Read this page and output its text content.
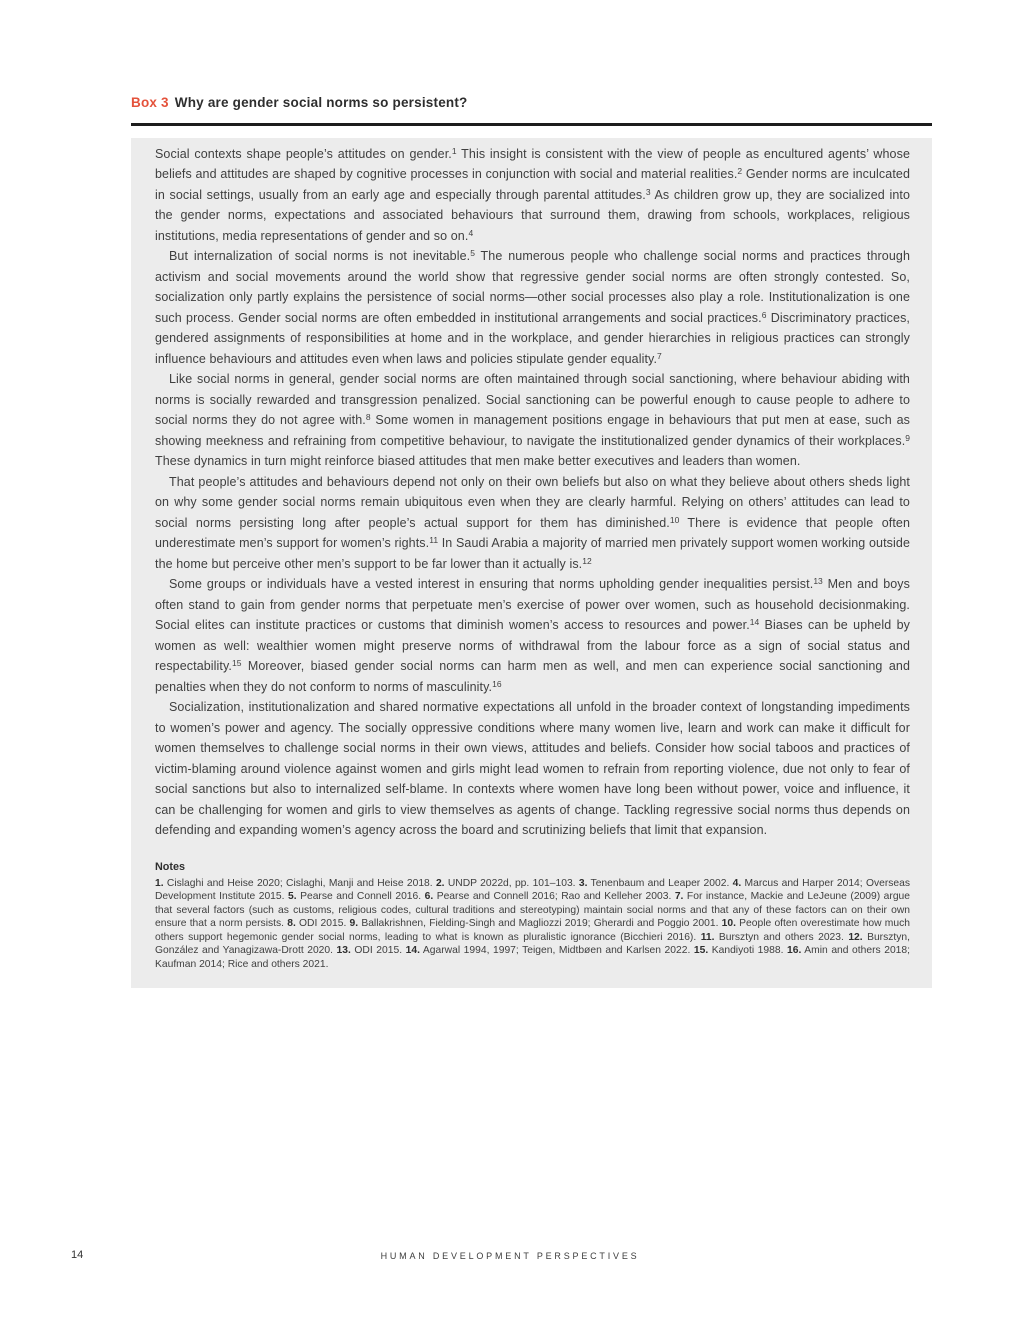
Box 3 Why are gender social norms so persistent?

Social contexts shape people’s attitudes on gender.$^1$ This insight is consistent with the view of people as encultured agents’ whose beliefs and attitudes are shaped by cognitive processes in conjunction with social and material realities.$^2$ Gender norms are inculcated in social settings, usually from an early age and especially through parental attitudes.$^3$ As children grow up, they are socialized into the gender norms, expectations and associated behaviours that surround them, drawing from schools, workplaces, religious institutions, media representations of gender and so on.$^4$

But internalization of social norms is not inevitable.$^5$ The numerous people who challenge social norms and practices through activism and social movements around the world show that regressive gender social norms are often strongly contested. So, socialization only partly explains the persistence of social norms—other social processes also play a role. Institutionalization is one such process. Gender social norms are often embedded in institutional arrangements and social practices.$^6$ Discriminatory practices, gendered assignments of responsibilities at home and in the workplace, and gender hierarchies in religious practices can strongly influence behaviours and attitudes even when laws and policies stipulate gender equality.$^7$

Like social norms in general, gender social norms are often maintained through social sanctioning, where behaviour abiding with norms is socially rewarded and transgression penalized. Social sanctioning can be powerful enough to cause people to adhere to social norms they do not agree with.$^8$ Some women in management positions engage in behaviours that put men at ease, such as showing meekness and refraining from competitive behaviour, to navigate the institutionalized gender dynamics of their workplaces.$^9$ These dynamics in turn might reinforce biased attitudes that men make better executives and leaders than women.

That people’s attitudes and behaviours depend not only on their own beliefs but also on what they believe about others sheds light on why some gender social norms remain ubiquitous even when they are clearly harmful. Relying on others’ attitudes can lead to social norms persisting long after people’s actual support for them has diminished.$^{10}$ There is evidence that people often underestimate men’s support for women’s rights.$^{11}$ In Saudi Arabia a majority of married men privately support women working outside the home but perceive other men’s support to be far lower than it actually is.$^{12}$

Some groups or individuals have a vested interest in ensuring that norms upholding gender inequalities persist.$^{13}$ Men and boys often stand to gain from gender norms that perpetuate men’s exercise of power over women, such as household decisionmaking. Social elites can institute practices or customs that diminish women’s access to resources and power.$^{14}$ Biases can be upheld by women as well: wealthier women might preserve norms of withdrawal from the labour force as a sign of social status and respectability.$^{15}$ Moreover, biased gender social norms can harm men as well, and men can experience social sanctioning and penalties when they do not conform to norms of masculinity.$^{16}$

Socialization, institutionalization and shared normative expectations all unfold in the broader context of longstanding impediments to women’s power and agency. The socially oppressive conditions where many women live, learn and work can make it difficult for women themselves to challenge social norms in their own views, attitudes and beliefs. Consider how social taboos and practices of victim-blaming around violence against women and girls might lead women to refrain from reporting violence, due not only to fear of social sanctions but also to internalized self-blame. In contexts where women have long been without power, voice and influence, it can be challenging for women and girls to view themselves as agents of change. Tackling regressive social norms thus depends on defending and expanding women’s agency across the board and scrutinizing beliefs that limit that expansion.

Notes

1. Cislaghi and Heise 2020; Cislaghi, Manji and Heise 2018. 2. UNDP 2022d, pp. 101–103. 3. Tenenbaum and Leaper 2002. 4. Marcus and Harper 2014; Overseas Development Institute 2015. 5. Pearse and Connell 2016. 6. Pearse and Connell 2016; Rao and Kelleher 2003. 7. For instance, Mackie and LeJeune (2009) argue that several factors (such as customs, religious codes, cultural traditions and stereotyping) maintain social norms and that any of these factors can on their own ensure that a norm persists. 8. ODI 2015. 9. Ballakrishnen, Fielding-Singh and Magliozzi 2019; Gherardi and Poggio 2001. 10. People often overestimate how much others support hegemonic gender social norms, leading to what is known as pluralistic ignorance (Bicchieri 2016). 11. Bursztyn and others 2023. 12. Bursztyn, González and Yanagizawa-Drott 2020. 13. ODI 2015. 14. Agarwal 1994, 1997; Teigen, Midtbøen and Karlsen 2022. 15. Kandiyoti 1988. 16. Amin and others 2018; Kaufman 2014; Rice and others 2021.

14	HUMAN DEVELOPMENT PERSPECTIVES
